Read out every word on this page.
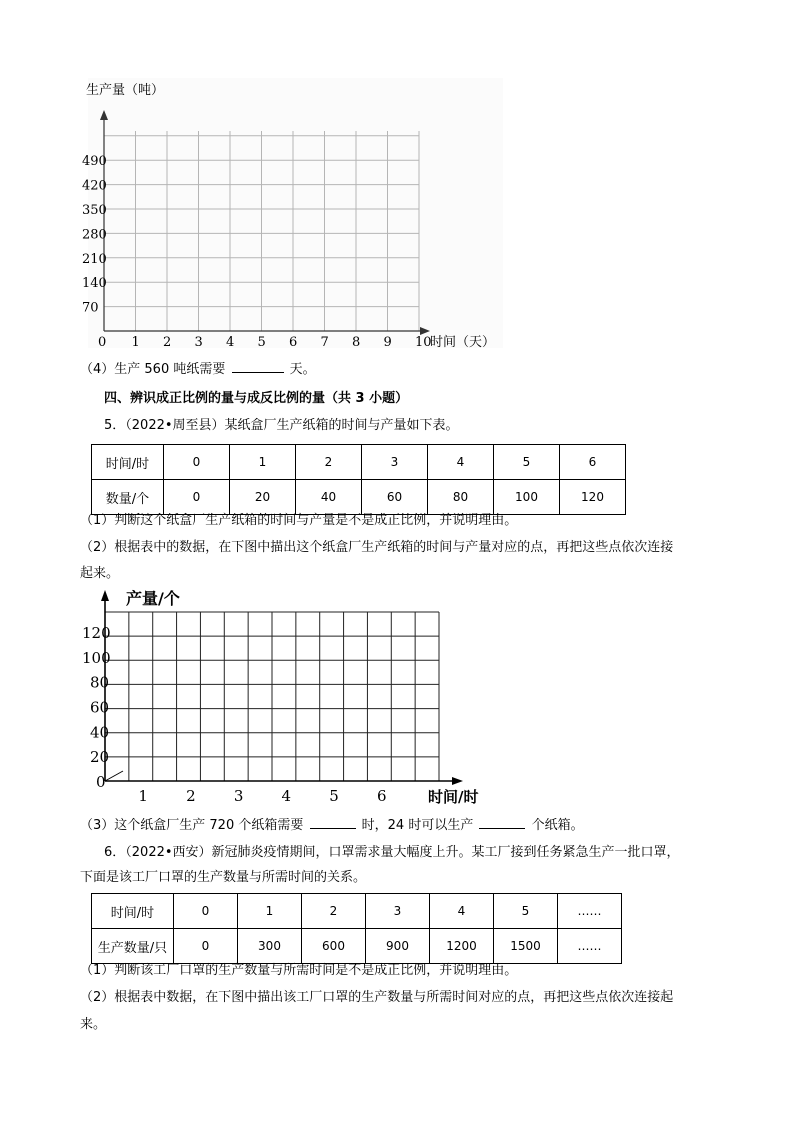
生产量（吨）
490
420
350
280
210
140
70
0 1 2 3 4 5 6 7 8 9 10
时间（天）
（4）生产 560 吨纸需要	天。
四、辨识成正比例的量与成反比例的量（共 3 小题）
5．（2022•周至县）某纸盒厂生产纸箱的时间与产量如下表。
时间/时	0	1	2	3	4	5	6
数量/个	0	20	40	60	80	100	120
（1）判断这个纸盒厂生产纸箱的时间与产量是不是成正比例，并说明理由。
（2）根据表中的数据，在下图中描出这个纸盒厂生产纸箱的时间与产量对应的点，再把这些点依次连接
起来。
产量/个
120
100
80
60
40
20
0
1	2	3	4	5	6	时间/时
（3）这个纸盒厂生产 720 个纸箱需要	时，24 时可以生产	个纸箱。
6．（2022•西安）新冠肺炎疫情期间，口罩需求量大幅度上升。某工厂接到任务紧急生产一批口罩，
下面是该工厂口罩的生产数量与所需时间的关系。
时间/时	0	1	2	3	4	5	……
生产数量/只	0	300	600	900	1200	1500	……
（1）判断该工厂口罩的生产数量与所需时间是不是成正比例，并说明理由。
（2）根据表中数据，在下图中描出该工厂口罩的生产数量与所需时间对应的点，再把这些点依次连接起
来。
